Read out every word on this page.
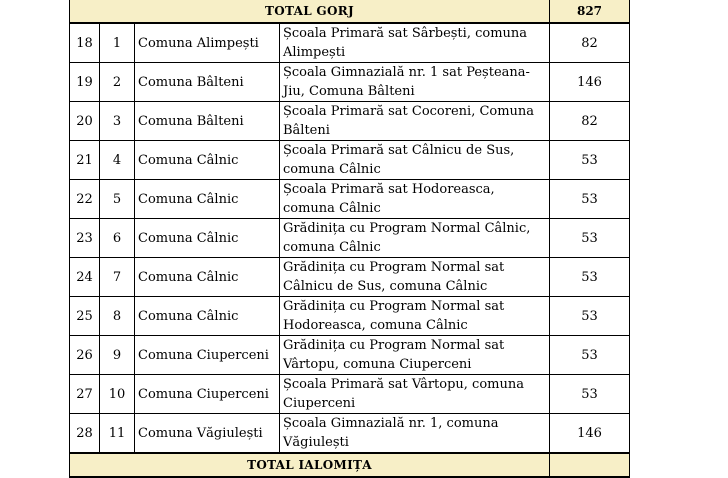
TOTAL GORJ				827
18	1	Comuna Alimpești	Școala Primară sat Sârbești, comuna Alimpești	82
19	2	Comuna Bâlteni	Școala Gimnazială nr. 1 sat Peșteana-Jiu, Comuna Bâlteni	146
20	3	Comuna Bâlteni	Școala Primară sat Cocoreni, Comuna Bâlteni	82
21	4	Comuna Câlnic	Școala Primară sat Câlnicu de Sus, comuna Câlnic	53
22	5	Comuna Câlnic	Școala Primară sat Hodoreasca, comuna Câlnic	53
23	6	Comuna Câlnic	Grădinița cu Program Normal Câlnic, comuna Câlnic	53
24	7	Comuna Câlnic	Grădinița cu Program Normal sat Câlnicu de Sus, comuna Câlnic	53
25	8	Comuna Câlnic	Grădinița cu Program Normal sat Hodoreasca, comuna Câlnic	53
26	9	Comuna Ciuperceni	Grădinița cu Program Normal sat Vârtopu, comuna Ciuperceni	53
27	10	Comuna Ciuperceni	Școala Primară sat Vârtopu, comuna Ciuperceni	53
28	11	Comuna Văgiulești	Școala Gimnazială nr. 1, comuna Văgiulești	146
TOTAL IALOMIȚA				
